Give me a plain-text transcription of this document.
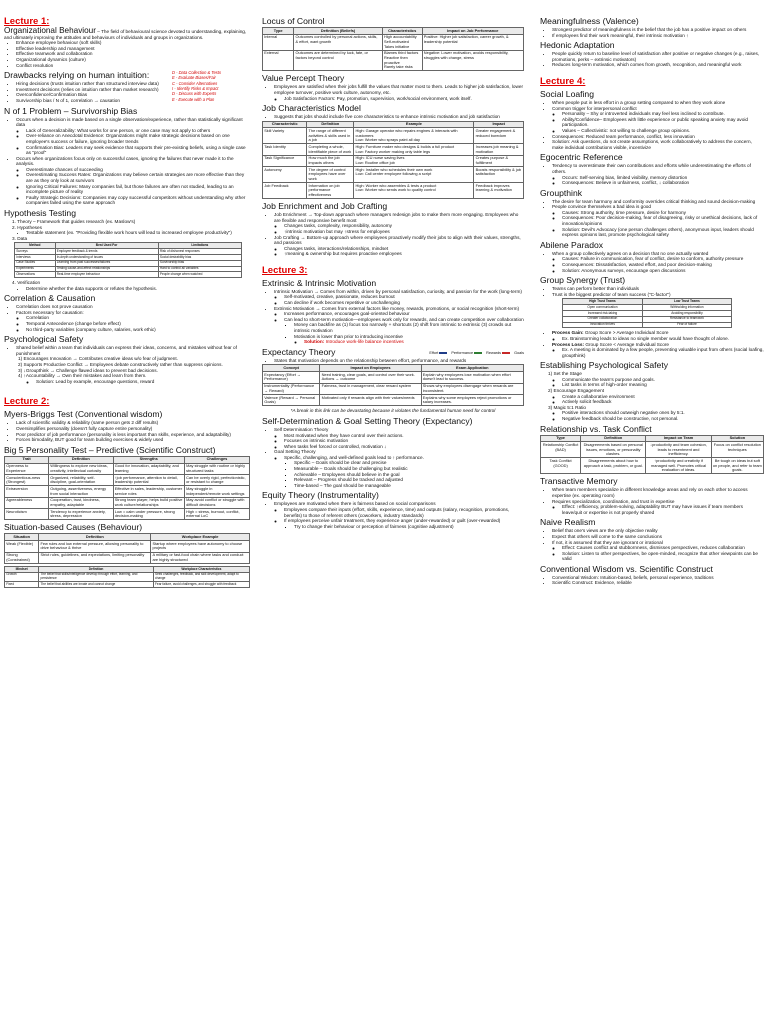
Lecture 1:

Organizational Behaviour – The field of behavioural science devoted to understanding, explaining, and ultimately improving the attitudes and behaviours of individuals and groups in organizations.

• Enhance employee behaviour (soft skills)
• Effective leadership and management
• Effective teamwork and collaboration
• Organizational dynamics (culture)
• Conflict resolution
Drawbacks relying on human intuition:
• Hiring decisions (trusts intuition rather than structured interview data)
• Investment decisions (relies on intuition rather than market research)
• Overconfidence/Confirmation Bias
• Survivorship bias / N of 1, correlation → causation
D - Data Collection & Tests
E - Evaluate Biases/Fair
C - Consider Alternatives
I - Identify Risks & Impact
D - Discuss with Experts
E - Execute with a Plan
N of 1 Problem – Survivorship Bias
• Occurs when a decision is made based on a single observation/experience, rather than statistically significant data
◦ Lack of Generalizability: What works for one person, or one case may not apply to others
◦ Over-reliance on Anecdotal Evidence: Organizations might make strategic decisions based on one employee's success or failure, ignoring broader trends
◦ Confirmation Bias: Leaders may seek evidence that supports their pre-existing beliefs, using a single case as "proof"
• Occurs when organizations focus only on successful cases, ignoring the failures that never made it to the analysis.
◦ Overestimate chances of succeeding
◦ Overestimating Success Rates: Organizations may believe certain strategies are more effective than they are as they only look at survivors
◦ Ignoring Critical Failures: Many companies fail, but those failures are often not studied, leading to an incomplete picture of reality
◦ Faulty Strategic Decisions: Companies may copy successful competitors without understanding why other companies failed using the same approach
Hypothesis Testing
1. Theory – Framework that guides research (ex. Maslow's)
2. Hypotheses
• Testable statement (ex. "Providing flexible work hours will lead to increased employee productivity")
3. Data
Method	Best Used For	Limitations
Surveys	Employee feedback & trends	Risk of dishonest responses
Interviews	In-depth understanding of issues	Social desirability bias
Case Studies	Learning from past successes/failures	Survivorship bias
Experiments	Testing cause-and-effect relationships	Hard to control all variables
Observations	Real-time employee behaviour	People change when watched
4. Verification
• Determine whether the data supports or refutes the hypothesis.
Correlation & Causation
• Correlation does not prove causation
• Factors necessary for causation:
◦ Correlation
◦ Temporal Antecedence (change before effect)
◦ No third-party variables (company culture, salaries, work ethic)
Psychological Safety
• Shared belief within a team that individuals can express their ideas, concerns, and mistakes without fear of punishment
1) Encourages Innovation → Contributes creative ideas w/o fear of judgment.
2) Supports Productive Conflict → Employees debate constructively rather than suppress opinions.
3) ↓Groupthink → Challenge flawed ideas to prevent bad decisions.
4) ↑Accountability → Own their mistakes and learn from them.
◦ Solution: Lead by example, encourage questions, reward
Lecture 2:
Myers-Briggs Test (Conventional wisdom)
• Lack of scientific validity & reliability (same person gets 2 diff results)
• Oversimplifies personality (doesn't fully capture entire personality)
• Poor predictor of job performance (personality is less important than skills, experience, and adaptability)
• Forces bimodality, BUT good for team building exercises & widely used
Big 5 Personality Test – Predictive (Scientific Construct)
Trait	Definition	Strengths	Challenges
Openness to Experience	Willingness to explore new ideas, creativity, intellectual curiosity	Good for innovation, adaptability, and learning	May struggle with routine or highly structured tasks
Conscientious-ness (Strongest)	Organized, reliability, self-discipline, goal-orientation	↑job performance, attention to detail, leadership potential	Can be overly rigid, perfectionistic, or resistant to change
Extraversion	Outgoing, assertiveness, energy from social interaction	Effective in sales, leadership, customer service roles	May struggle in independent/remote work settings
Agreeableness	Cooperation, trust, kindness, empathy, adaptable	Strong team player, helps build positive work culture/relationships	May avoid conflict or struggle with difficult decisions
Neuroticism	Tendency to experience anxiety, stress, depression	Low = calm under pressure, strong decision-making	High = stress, burnout, conflict, external LoC
Situation-based Causes (Behaviour)
Situation	Definition	Workplace Example
Weak (Flexible)	Few rules and low external pressure, allowing personality to drive behaviour & thrive	Startup where employees have autonomy to choose projects
Strong (Constrained)	Strict rules, guidelines, and expectations, limiting personality	A military or fast-food chain where tasks and conduct are highly structured
Mindset	Definition	Workplace Characteristics
Growth	The belief that skills/intelligence develop through effort, learning, and persistence	Seek challenges, feedback, and skill development, adapt to change
Fixed	The belief that abilities are innate and cannot change	Fear failure, avoid challenges, and struggle with feedback
Locus of Control
Type	Definition (Beliefs)	Characteristics	Impact on Job Performance
Internal	Outcomes controlled by personal actions, skills, & effort, want growth	High accountability
Self-motivated
Takes initiative	Positive: Higher job satisfaction, career growth, & leadership potential
External	Outcomes are determined by luck, fate, or factors beyond control	Blames third factors
Reactive then proactive
Rarely take risks	Negative: Lower motivation, avoids responsibility, struggles with change, stress
Value Percept Theory
• Employees are satisfied when their jobs fulfill the values that matter most to them. Leads to higher job satisfaction, lower employee turnover, positive work culture, autonomy, etc.
◦ Job Satisfaction Factors: Pay, promotion, supervision, work/social environment, work itself.
Job Characteristics Model
• Suggests that jobs should include five core characteristics to enhance intrinsic motivation and job satisfaction
Characteristic	Definition	Example	Impact
Skill Variety	The range of different activities & skills used in a job	High: Garage operator who repairs engines & interacts with customers
Low: Worker who sprays paint all day	Greater engagement & reduced boredom
Task Identity	Completing a whole, identifiable piece of work	High: Furniture maker who designs & builds a full product
Low: Factory worker making only table legs	Increases job meaning & motivation
Task Significance	How much the job impacts others	High: ICU nurse saving lives
Low: Routine office job	Creates purpose & fulfillment
Autonomy	The degree of control employees have over work	High: Installer who schedules their own work
Low: Call center employee following a script	Boosts responsibility & job satisfaction
Job Feedback	Information on job performance effectiveness	High: Worker who assembles & tests a product
Low: Worker who sends work to quality control	Feedback improves learning & motivation
Job Enrichment and Job Crafting
• Job Enrichment → Top-down approach where managers redesign jobs to make them more engaging. Employees who are flexible and responsive benefit most
◦ Changes tasks, complexity, responsibility, autonomy
◦ ↑intrinsic motivation but may ↑stress for employees
• Job Crafting → Bottom-up approach where employees proactively modify their jobs to align with their values, strengths, and passions
◦ Changes tasks, interactions/relationships, mindset
◦ ↑meaning & ownership but requires proactive employees
Lecture 3:
Extrinsic & Intrinsic Motivation
• Intrinsic Motivation → Comes from within, driven by personal satisfaction, curiosity, and passion for the work (long-term)
◦ Self-motivated, creative, passionate, reduces burnout
◦ Can decline if work becomes repetitive or unchallenging
• Extrinsic Motivation → Comes from external factors like money, rewards, promotions, or social recognition (short-term)
◦ Increases performance, encourages goal-oriented behaviour
◦ Can lead to short-term motivation—employees work only for rewards, and can create competition over collaboration
▪ Money can backfire as (1) focus too narrowly + shortcuts (2) shift from intrinsic to extrinsic (3) crowds out intrinsic motivation
▪ Motivation is lower than prior to introducing incentive
◦ Solution: Introduce work-life balance incentives
Expectancy Theory	Effort	Performance	Rewards	Goals
• States that motivation depends on the relationship between effort, performance, and rewards
Concept	Impact on Employees	Exam Application
Expectancy (Effort → Performance)	Need training, clear goals, and control over their work. Actions → outcome	Explain why employees lose motivation when effort doesn't lead to success.
Instrumentality (Performance → Reward)	Fairness, trust in management, clear reward system	Shows why employees disengage when rewards are inconsistent.
Valence (Reward → Personal Goals)	Motivated only if rewards align with their values/needs	Explains why some employees reject promotions or salary increases.
*A break in this link can be devastating because it violates the fundamental human need for control
Self-Determination & Goal Setting Theory (Expectancy)
• Self Determination Theory
◦ Most motivated when they have control over their actions.
◦ Focuses on intrinsic motivation
◦ When tasks feel forced or controlled, motivation ↓
• Goal Setting Theory
◦ Specific, challenging, and well-defined goals lead to ↑ performance.
▪ Specific – Goals should be clear and precise
▪ Measurable – Goals should be challenging but realistic
▪ Achievable – Employees should believe in the goal
▪ Relevant – Progress should be tracked and adjusted
▪ Time-based – The goal should be manageable
Equity Theory (Instrumentality)
• Employees are motivated when there is fairness based on social comparisons
◦ Employees compare their inputs (effort, skills, experience, time) and outputs (salary, recognition, promotions, benefits) to those of referent others (coworkers, industry standards)
◦ If employees perceive unfair treatment, they experience anger (under-rewarded) or guilt (over-rewarded)
▪ Try to change their behaviour or perception of fairness (cognitive adjustment)
Meaningfulness (Valence)
• Strongest predictor of meaningfulness is the belief that the job has a positive impact on others
• If employees find their work meaningful, their intrinsic motivation ↑
Hedonic Adaptation
• People quickly return to baseline level of satisfaction after positive or negative changes (e.g., raises, promotions, perks – extrinsic motivators)
• Reduces long-term motivation, which comes from growth, recognition, and meaningful work
Lecture 4:
Social Loafing
• When people put in less effort in a group setting compared to when they work alone
• Common trigger for interpersonal conflict
◦ Personality – Shy or introverted individuals may feel less inclined to contribute.
◦ Ability/Confidence– Employees with little experience or public speaking anxiety may avoid participation.
◦ Values – Collectivistic: not willing to challenge group opinions.
• Consequences: Reduced team performance, conflict, less innovation
• Solution: Ask questions, do not create assumptions, work collaboratively to address the concern, make individual contributions visible, incentivize
Egocentric Reference
• Tendency to overestimate their own contributions and efforts while underestimating the efforts of others.
◦ Occurs: Self-serving bias, limited visibility, memory distortion
◦ Consequences: Believe in unfairness, conflict, ↓ collaboration
Groupthink
• The desire for team harmony and conformity overrides critical thinking and sound decision-making
• People convince themselves a bad idea is good
◦ Causes: Strong authority, time pressure, desire for harmony
◦ Consequences: Poor decision-making, fear of disagreeing, risky or unethical decisions, lack of innovation/opinions
◦ Solution: Devil's Advocacy (one person challenges others), anonymous input, leaders should express opinions last, promote psychological safety
Abilene Paradox
• When a group collectively agrees on a decision that no one actually wanted
◦ Causes: Failure in communication, fear of conflict, desire to conform, authority pressure
◦ Consequences: Dissatisfaction, wasted effort, and poor decision-making
◦ Solution: Anonymous surveys, encourage open discussions
Group Synergy (Trust)
• Teams can perform better than individuals
• Trust is the biggest predictor of team success ("C-factor")
High Trust Teams	Low Trust Teams
Open communication	Withholding information
Increased risk-taking	Avoiding responsibility
Greater collaboration	Resistance to teamwork
Innovation thrives	Fear of failure
• Process Gain: Group Score > Average Individual Score
◦ Ex. Brainstorming leads to ideas no single member would have thought of alone.
• Process Loss: Group Score < Average Individual Score
◦ Ex. A meeting is dominated by a few people, preventing valuable input from others (social loafing, groupthink)
Establishing Psychological Safety
1) Set the Stage
◦ Communicate the team's purpose and goals.
◦ List tasks in terms of high-order meaning
2) Encourage Engagement
◦ Create a collaborative environment
◦ Actively solicit feedback
3) Magic 5:1 Ratio
◦ Positive interactions should outweigh negative ones by 5:1.
◦ Negative feedback should be constructive, not personal.
Relationship vs. Task Conflict
Type	Definition	Impact on Team	Solution
Relationship Conflict (BAD)	Disagreements based on personal issues, emotions, or personality clashes.	↓productivity and team cohesion, leads to resentment and inefficiency.	Focus on conflict resolution techniques
Task Conflict (GOOD)	Disagreements about how to approach a task, problem, or goal.	↑productivity and creativity if managed well. Promotes critical evaluation of ideas.	Be tough on ideas but soft on people, and refer to team goals.
Transactive Memory
• When team members specialize in different knowledge areas and rely on each other to access expertise (ex. operating room)
• Requires specialization, coordination, and trust in expertise
◦ Effect: ↑efficiency, problem-solving, adaptability BUT may have issues if team members leave/quit or expertise is not properly shared
Naive Realism
• Belief that one's views are the only objective reality
• Expect that others will come to the same conclusions
• If not, it is assumed that they are ignorant or irrational
◦ Effect: Causes conflict and stubbornness, dismisses perspectives, reduces collaboration
◦ Solution: Listen to other perspectives, be open-minded, recognize that other viewpoints can be valid
Conventional Wisdom vs. Scientific Construct
• Conventional Wisdom: Intuition-based, beliefs, personal experience, traditions
• Scientific Construct: Evidence, reliable
